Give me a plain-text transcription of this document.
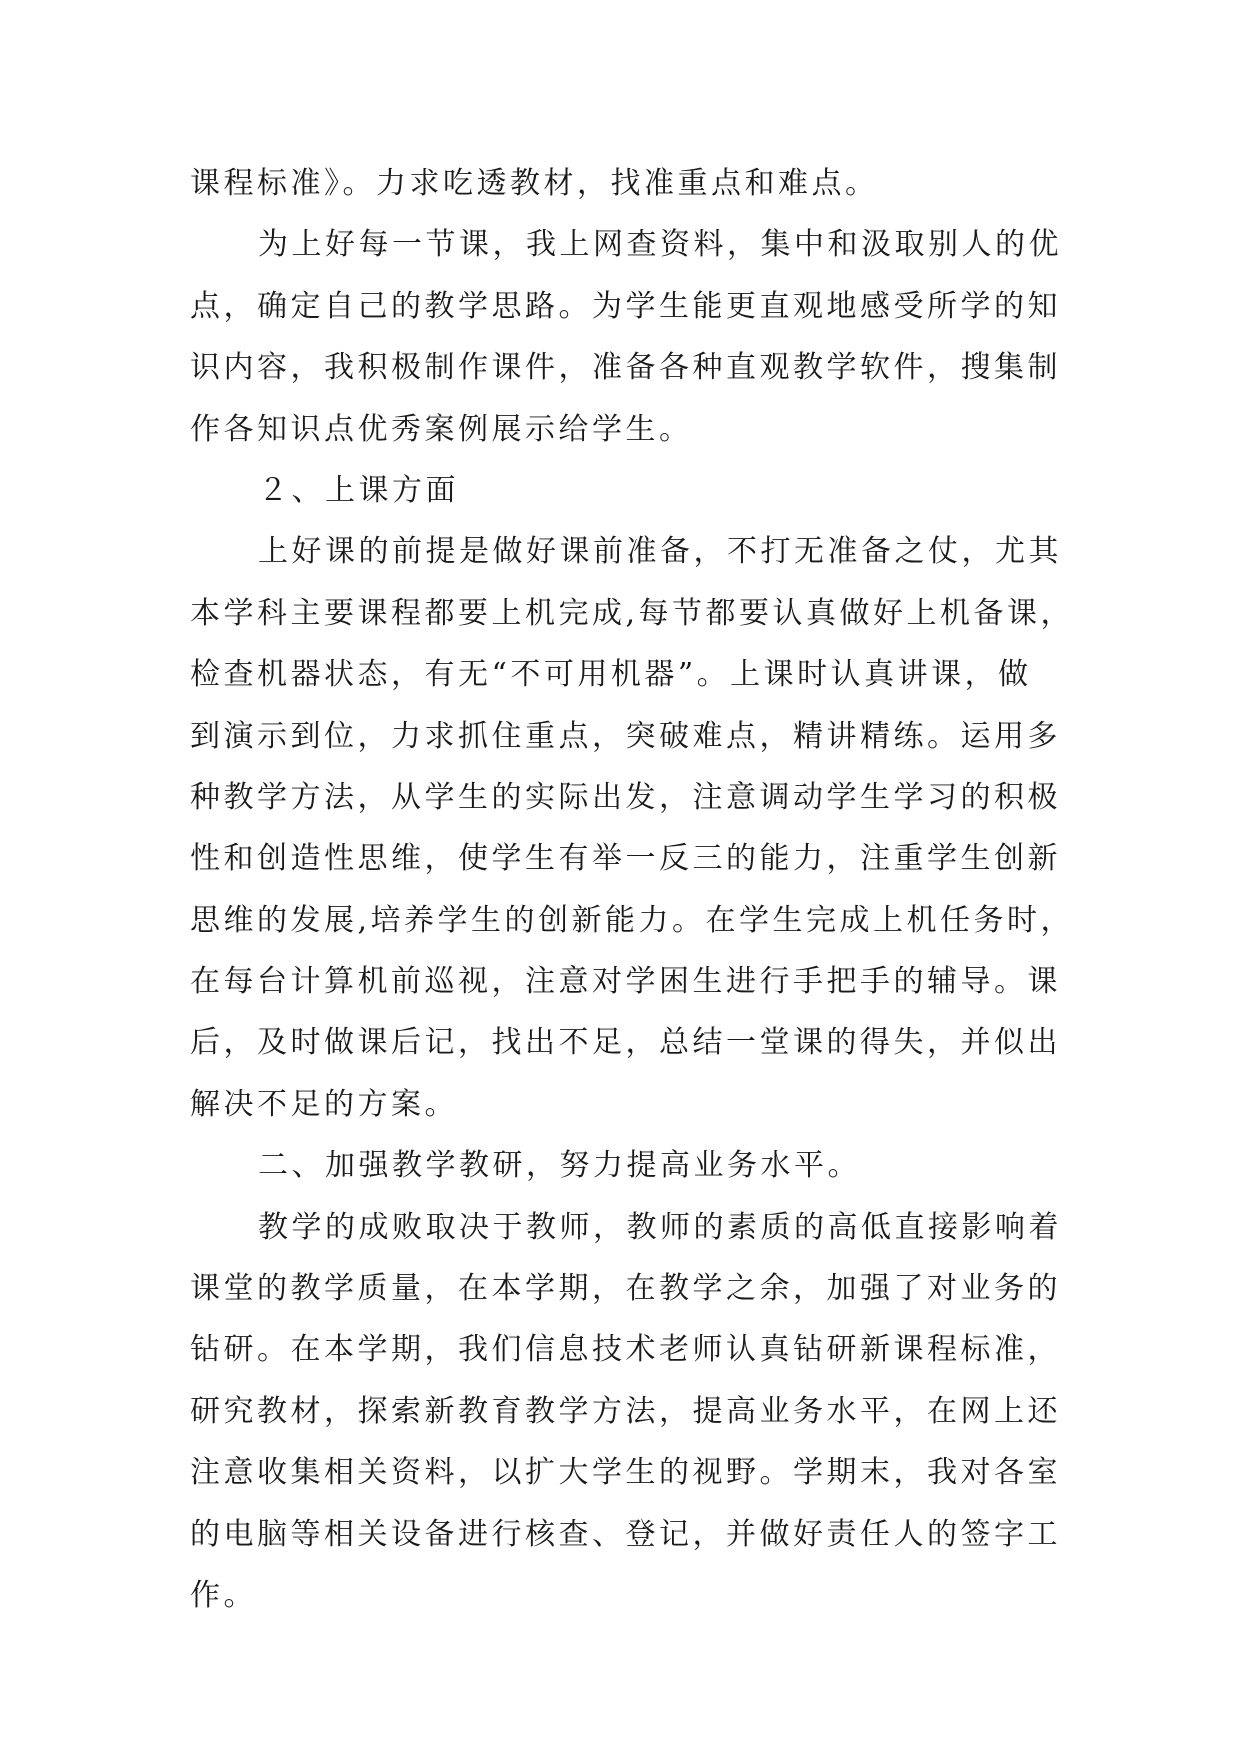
课程标准》。力求吃透教材，找准重点和难点。
为上好每一节课，我上网查资料，集中和汲取别人的优
点，确定自己的教学思路。为学生能更直观地感受所学的知
识内容，我积极制作课件，准备各种直观教学软件，搜集制
作各知识点优秀案例展示给学生。
２、上课方面
上好课的前提是做好课前准备，不打无准备之仗，尤其
本学科主要课程都要上机完成,每节都要认真做好上机备课，
检查机器状态，有无“不可用机器”。上课时认真讲课，做
到演示到位，力求抓住重点，突破难点，精讲精练。运用多
种教学方法，从学生的实际出发，注意调动学生学习的积极
性和创造性思维，使学生有举一反三的能力，注重学生创新
思维的发展,培养学生的创新能力。在学生完成上机任务时，
在每台计算机前巡视，注意对学困生进行手把手的辅导。课
后，及时做课后记，找出不足，总结一堂课的得失，并似出
解决不足的方案。
二、加强教学教研，努力提高业务水平。
教学的成败取决于教师，教师的素质的高低直接影响着
课堂的教学质量，在本学期，在教学之余，加强了对业务的
钻研。在本学期，我们信息技术老师认真钻研新课程标准，
研究教材，探索新教育教学方法，提高业务水平，在网上还
注意收集相关资料，以扩大学生的视野。学期末，我对各室
的电脑等相关设备进行核查、登记，并做好责任人的签字工
作。
